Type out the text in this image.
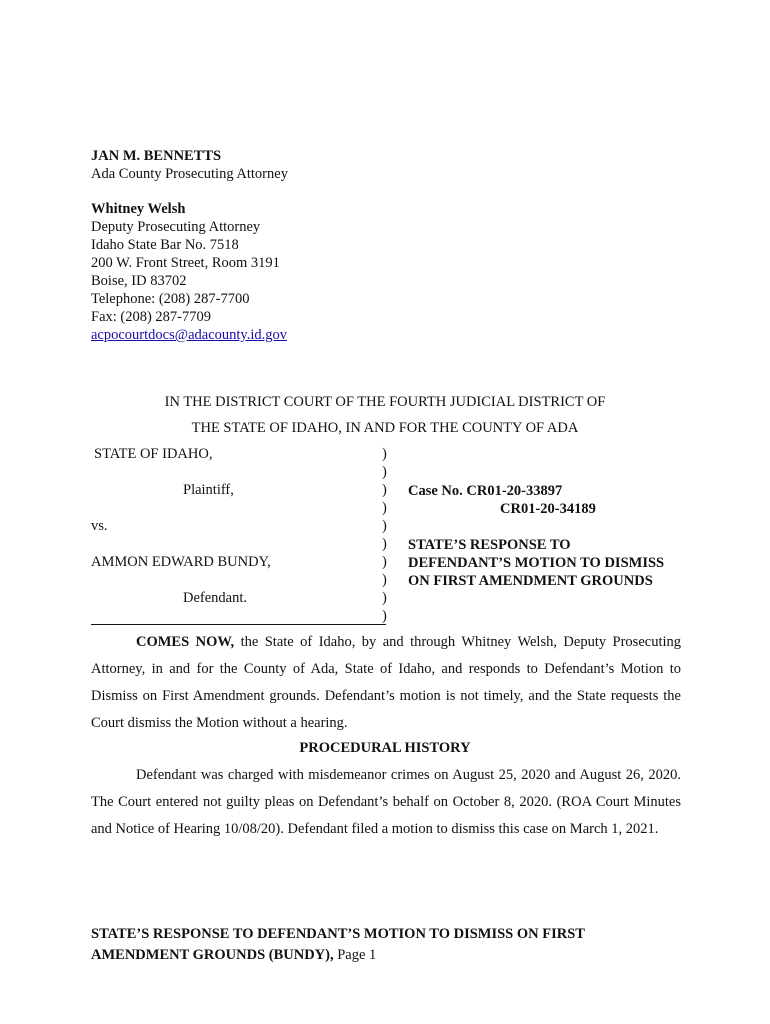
JAN M. BENNETTS
Ada County Prosecuting Attorney
Whitney Welsh
Deputy Prosecuting Attorney
Idaho State Bar No. 7518
200 W. Front Street, Room 3191
Boise, ID 83702
Telephone: (208) 287-7700
Fax: (208) 287-7709
acpocourtdocs@adacounty.id.gov
IN THE DISTRICT COURT OF THE FOURTH JUDICIAL DISTRICT OF
THE STATE OF IDAHO, IN AND FOR THE COUNTY OF ADA
STATE OF IDAHO,
Plaintiff,
vs.
AMMON EDWARD BUNDY,
Defendant.
)
)
)
)
)
)
)
)
)
)
Case No. CR01-20-33897
CR01-20-34189
STATE’S RESPONSE TO
DEFENDANT’S MOTION TO DISMISS
ON FIRST AMENDMENT GROUNDS

COMES NOW, the State of Idaho, by and through Whitney Welsh, Deputy Prosecuting Attorney, in and for the County of Ada, State of Idaho, and responds to Defendant’s Motion to Dismiss on First Amendment grounds. Defendant’s motion is not timely, and the State requests the Court dismiss the Motion without a hearing.

PROCEDURAL HISTORY

Defendant was charged with misdemeanor crimes on August 25, 2020 and August 26, 2020. The Court entered not guilty pleas on Defendant’s behalf on October 8, 2020. (ROA Court Minutes and Notice of Hearing 10/08/20). Defendant filed a motion to dismiss this case on March 1, 2021.

STATE’S RESPONSE TO DEFENDANT’S MOTION TO DISMISS ON FIRST
AMENDMENT GROUNDS (BUNDY), Page 1
